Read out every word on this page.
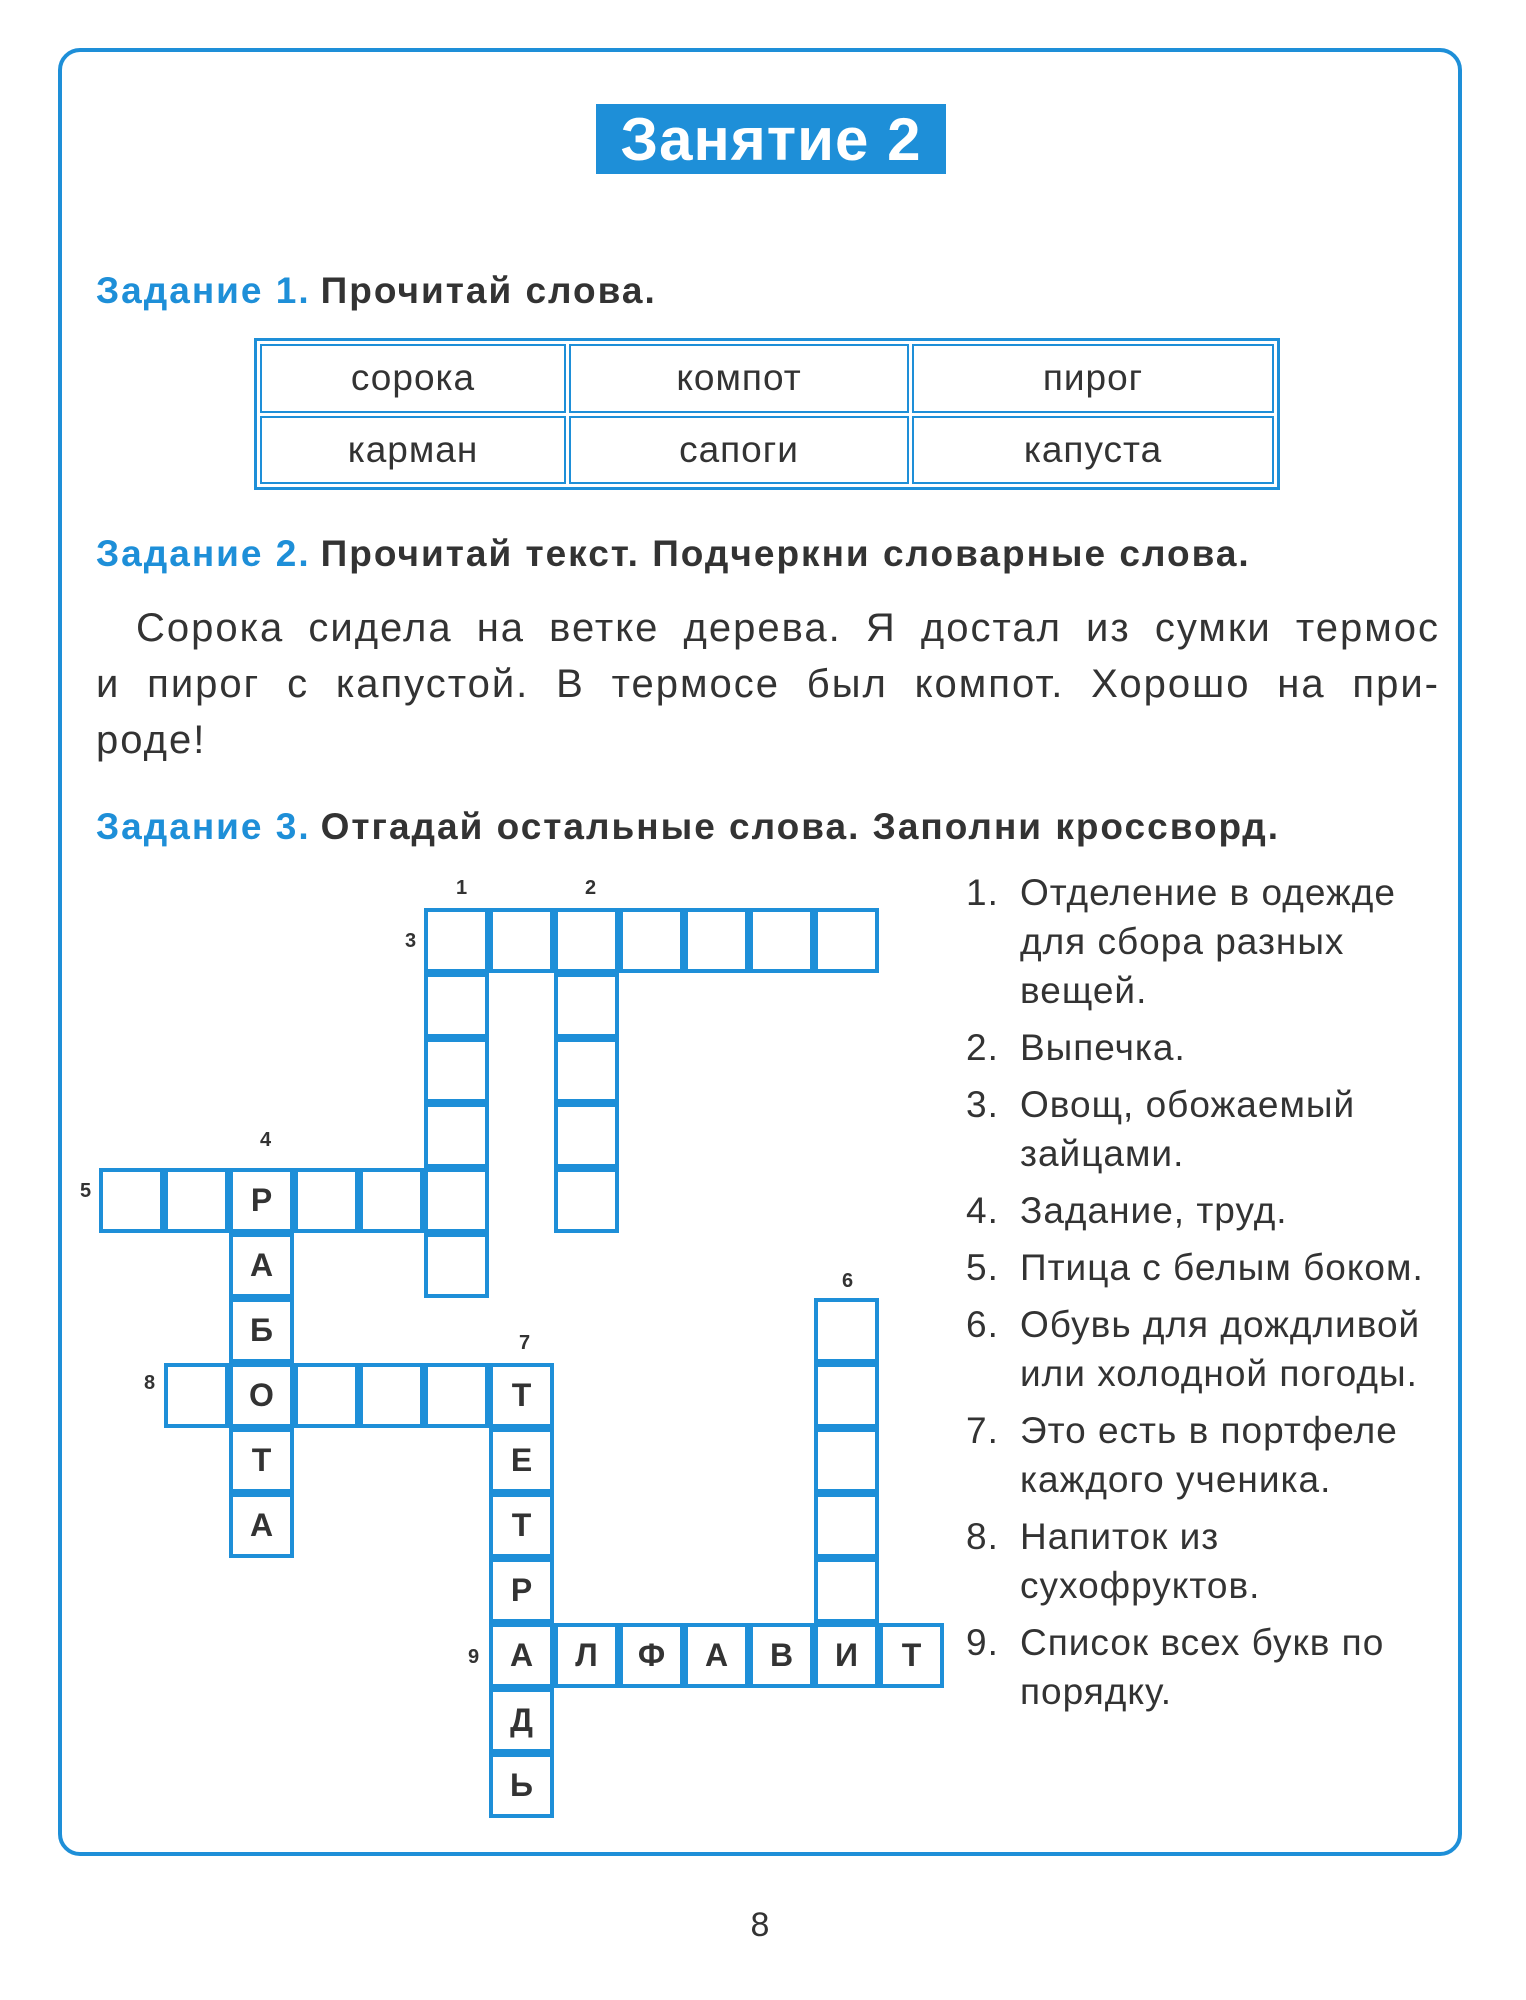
Занятие 2
Задание 1. Прочитай слова.
сорока	компот	пирог
карман	сапоги	капуста
Задание 2. Прочитай текст. Подчеркни словарные слова.
Сорока сидела на ветке дерева. Я достал из сумки термос
и пирог с капустой. В термосе был компот. Хорошо на при-
роде!
Задание 3. Отгадай остальные слова. Заполни кроссворд.
Р
А
Б
О
Т
А
Т
Е
Т
Р
А
Д
Ь
И
Л	Ф	А	В	Т
1	2
3
4
5
6
7
8
9
1. Отделение в одежде для сбора разных вещей.
2. Выпечка.
3. Овощ, обожаемый зайцами.
4. Задание, труд.
5. Птица с белым боком.
6. Обувь для дождливой или холодной погоды.
7. Это есть в портфеле каждого ученика.
8. Напиток из сухофруктов.
9. Список всех букв по порядку.
8
